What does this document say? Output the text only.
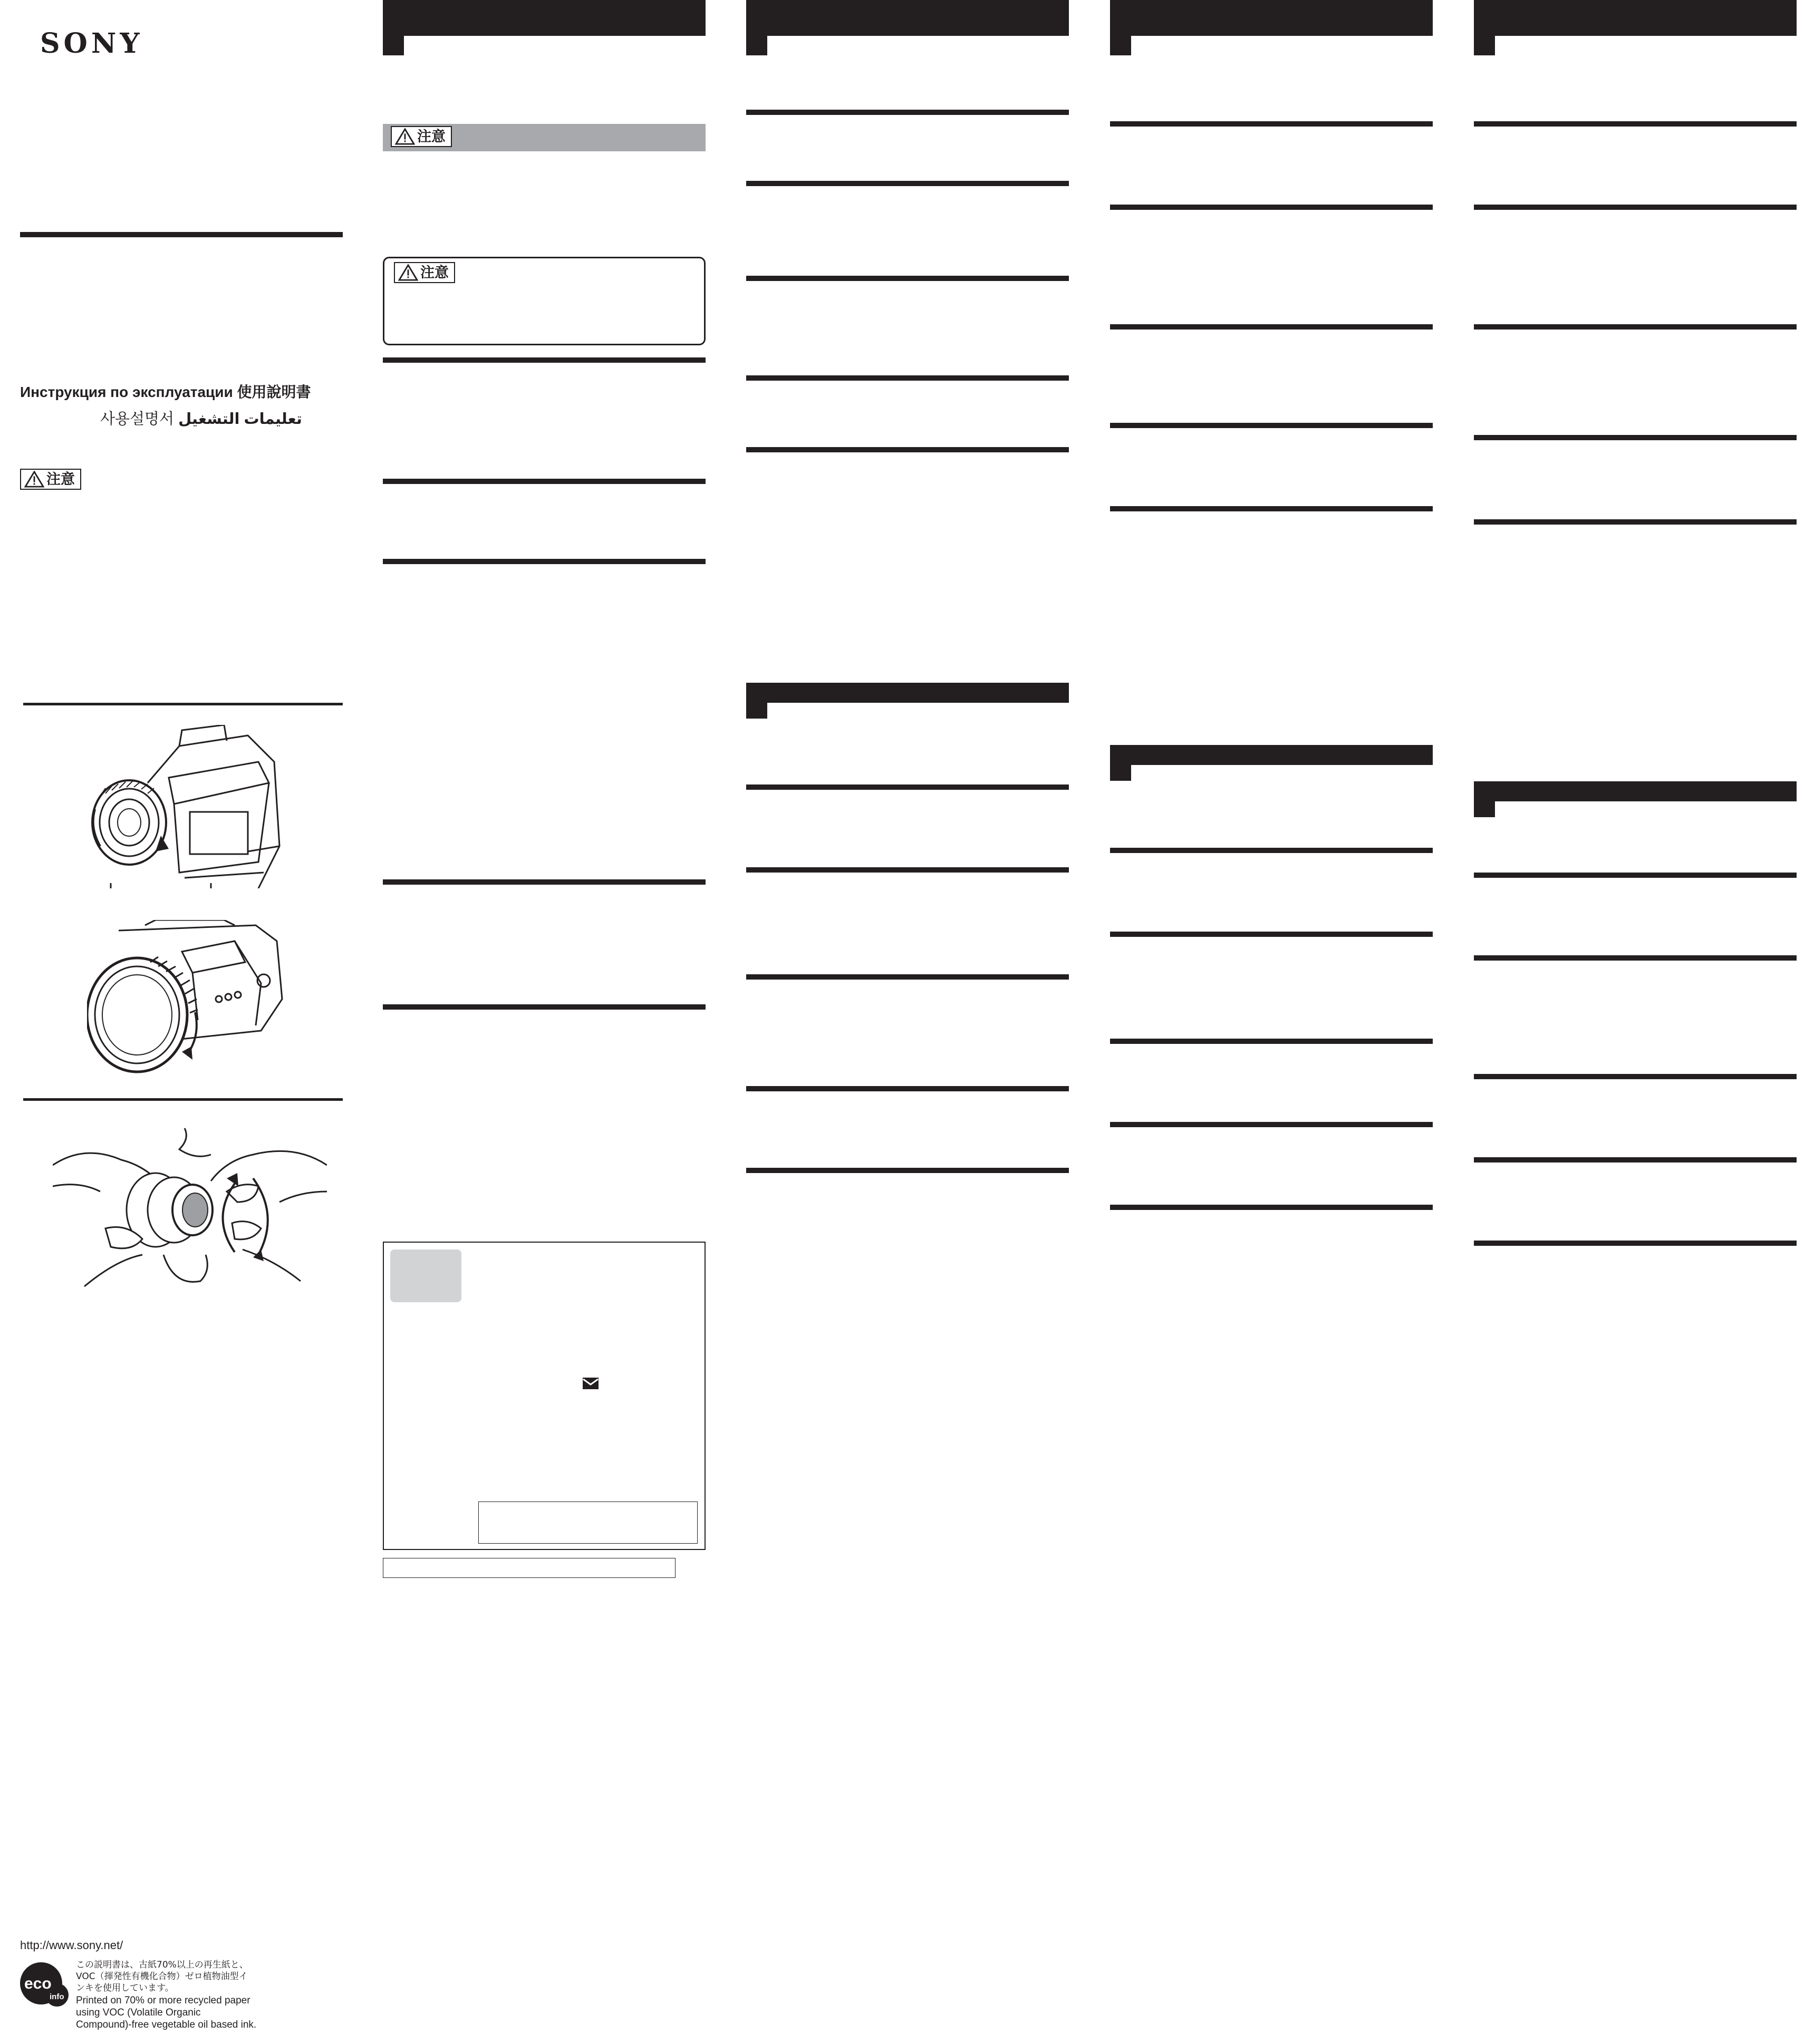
SONY
Инструкция по эксплуатации 使用說明書
사용설명서 تعليمات التشغيل
注意
http://www.sony.net/
eco
info
この説明書は、古紙70%以上の再生紙と、
VOC（揮発性有機化合物）ゼロ植物油型イ
ンキを使用しています。
Printed on 70% or more recycled paper
using VOC (Volatile Organic
Compound)-free vegetable oil based ink.
注意
注意
